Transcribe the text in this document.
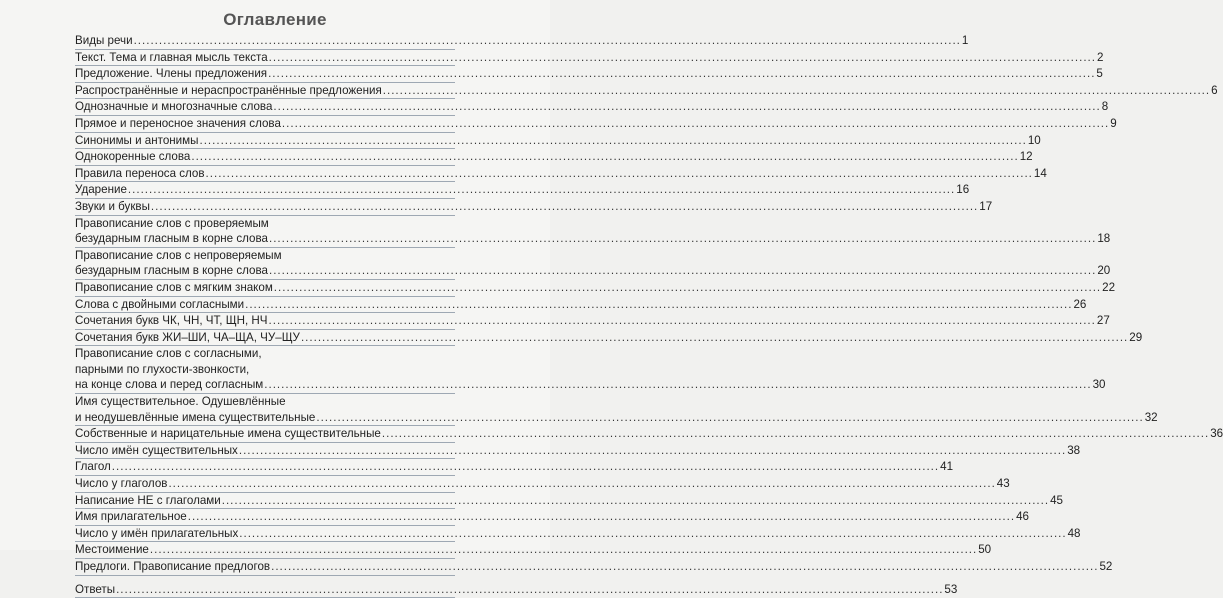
Оглавление
Виды речи .....	1
Текст. Тема и главная мысль текста .....	2
Предложение. Члены предложения .....	5
Распространённые и нераспространённые предложения .....	6
Однозначные и многозначные слова .....	8
Прямое и переносное значения слова .....	9
Синонимы и антонимы .....	10
Однокоренные слова .....	12
Правила переноса слов .....	14
Ударение .....	16
Звуки и буквы .....	17
Правописание слов с проверяемым
безударным гласным в корне слова .....	18
Правописание слов с непроверяемым
безударным гласным в корне слова .....	20
Правописание слов с мягким знаком .....	22
Слова с двойными согласными .....	26
Сочетания букв ЧК, ЧН, ЧТ, ЩН, НЧ .....	27
Сочетания букв ЖИ–ШИ, ЧА–ЩА, ЧУ–ЩУ .....	29
Правописание слов с согласными,
парными по глухости-звонкости,
на конце слова и перед согласным .....	30
Имя существительное. Одушевлённые
и неодушевлённые имена существительные .....	32
Собственные и нарицательные имена существительные .....	36
Число имён существительных .....	38
Глагол .....	41
Число у глаголов .....	43
Написание НЕ с глаголами .....	45
Имя прилагательное .....	46
Число у имён прилагательных .....	48
Местоимение .....	50
Предлоги. Правописание предлогов .....	52
Ответы .....	53
